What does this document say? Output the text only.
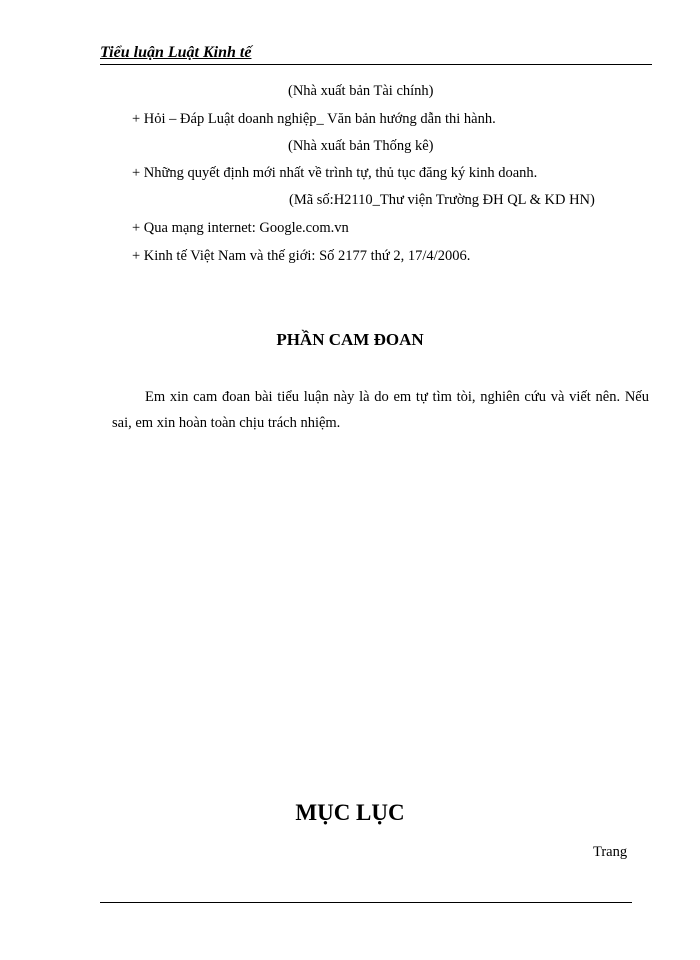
Tiểu luận Luật Kinh tế
(Nhà xuất bản Tài chính)
+ Hỏi – Đáp Luật doanh nghiệp_ Văn bản hướng dẫn thi hành.
(Nhà xuất bản Thống kê)
+ Những quyết định mới nhất về trình tự, thủ tục đăng ký kinh doanh.
(Mã số:H2110_Thư viện Trường ĐH QL & KD HN)
+ Qua mạng internet: Google.com.vn
+ Kinh tế Việt Nam và thế giới: Số 2177 thứ 2, 17/4/2006.
PHẦN CAM ĐOAN
Em xin cam đoan bài tiểu luận này là do em tự tìm tòi, nghiên cứu và viết nên. Nếu sai, em xin hoàn toàn chịu trách nhiệm.
MỤC LỤC
Trang
